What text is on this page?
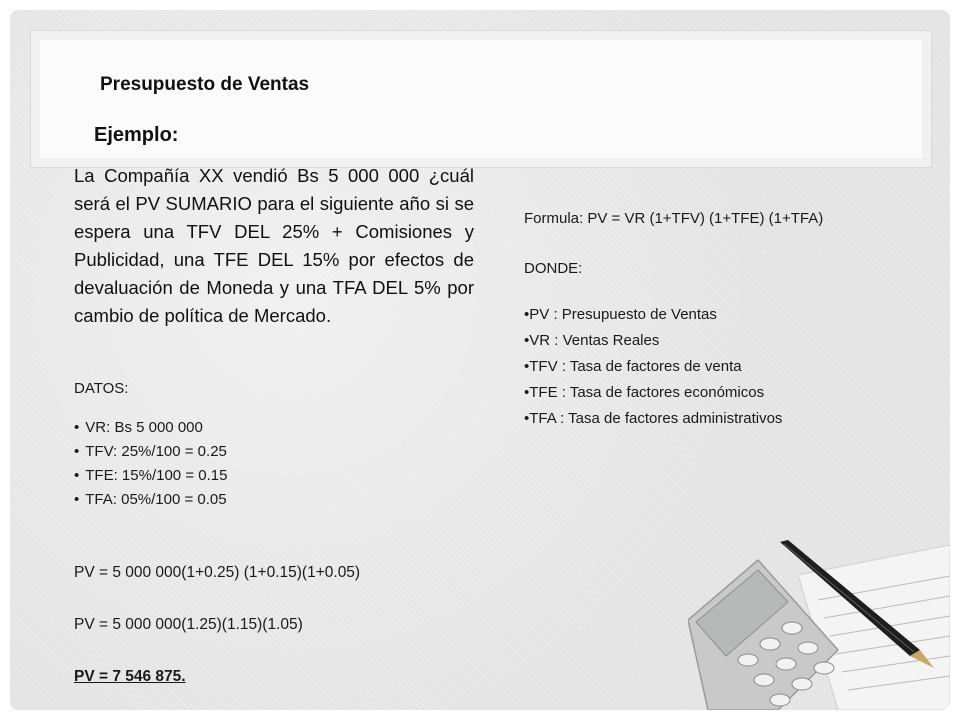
Presupuesto de Ventas
Ejemplo:
La Compañía XX vendió Bs 5 000 000 ¿cuál será el PV SUMARIO para el siguiente año si se espera una TFV DEL 25% + Comisiones y Publicidad, una TFE DEL 15% por efectos de devaluación de Moneda y una TFA DEL 5% por cambio de política de Mercado.
DATOS:
• VR: Bs 5 000 000
• TFV: 25%/100 = 0.25
• TFE: 15%/100 = 0.15
• TFA: 05%/100 = 0.05
PV = 5 000 000(1+0.25) (1+0.15)(1+0.05)
PV = 5 000 000(1.25)(1.15)(1.05)
PV = 7 546 875.
Formula: PV = VR (1+TFV) (1+TFE) (1+TFA)
DONDE:
• PV : Presupuesto de Ventas
• VR : Ventas Reales
• TFV : Tasa de factores de venta
• TFE : Tasa de factores económicos
• TFA : Tasa de factores administrativos
